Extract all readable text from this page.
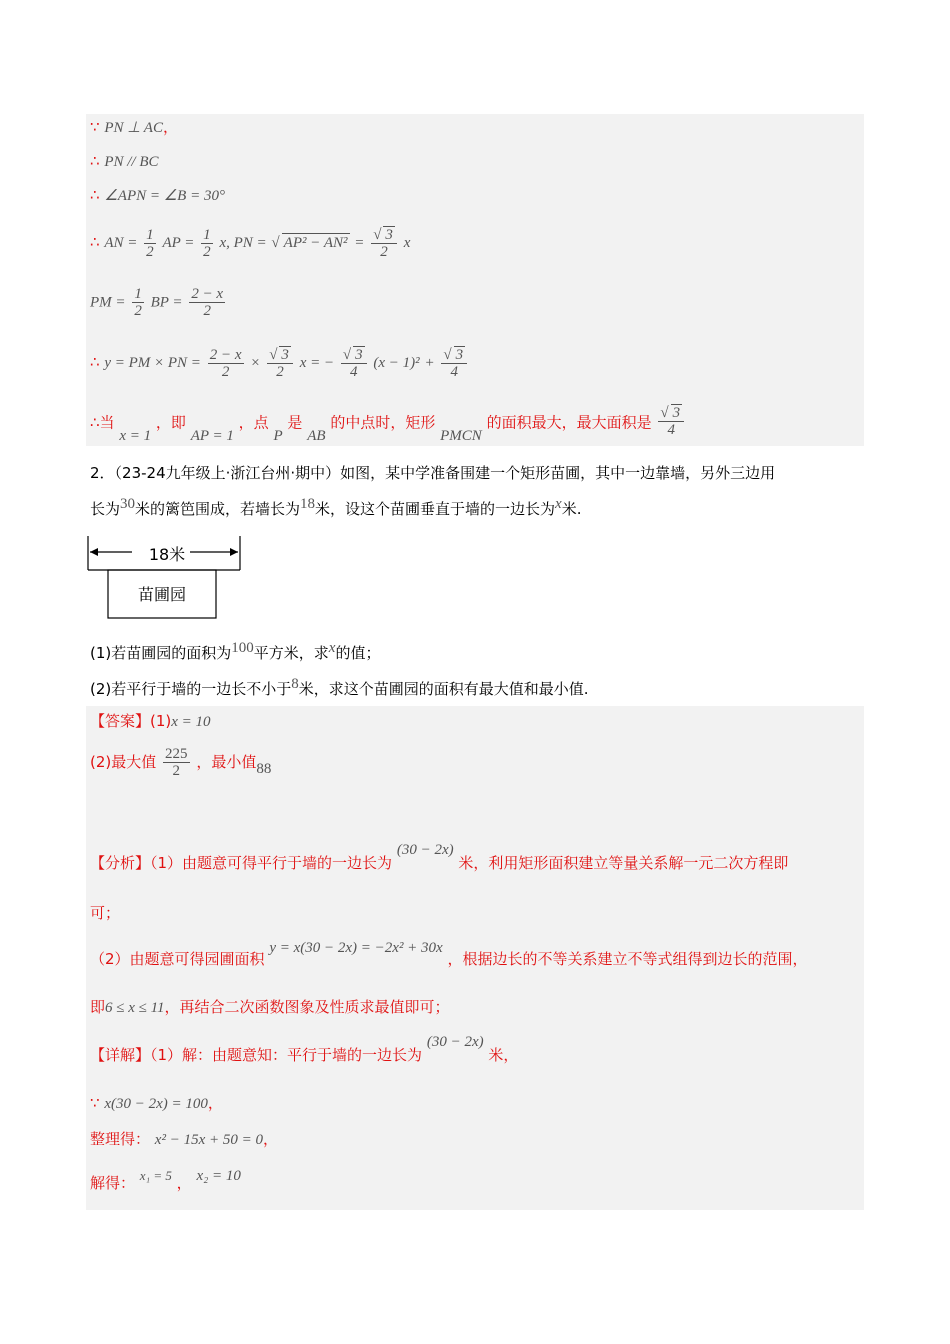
∵ PN ⊥ AC，
∴ PN // BC
∴ ∠APN = ∠B = 30°
∴ AN = $\frac{1}{2}$ AP = $\frac{1}{2} x$, PN = √ $AP^2 - AN^2 = \frac{√ 3}{2}$ x
PM = $\frac{1}{2}$ BP = $\frac{2 - x}{2}$
∴ y = PM × PN = $\frac{2 - x}{2} \times \frac{√ 3}{2}$ x = − $\frac{√ 3}{4} (x - 1)^2 + \frac{√ 3}{4}$
∴当 x = 1 ，即 AP = 1 ，点 P 是 AB 的中点时，矩形 PMCN 的面积最大，最大面积是 $\frac{√ 3}{4}$
2．（23-24九年级上·浙江台州·期中）如图，某中学准备围建一个矩形苗圃，其中一边靠墙，另外三边用
长为30米的篱笆围成，若墙长为18米，设这个苗圃垂直于墙的一边长为x米.
18米
苗圃园
(1)若苗圃园的面积为100平方米，求x的值；
(2)若平行于墙的一边长不小于8米，求这个苗圃园的面积有最大值和最小值.
【答案】(1)x = 10
(2)最大值 $\frac{225}{2}$ ，最小值88
【分析】（1）由题意可得平行于墙的一边长为 (30 − 2x) 米，利用矩形面积建立等量关系解一元二次方程即
可；
（2）由题意可得园圃面积 y = x(30 − 2x) = −2x² + 30x ，根据边长的不等关系建立不等式组得到边长的范围，
即6 ≤ x ≤ 11，再结合二次函数图象及性质求最值即可；
【详解】（1）解：由题意知：平行于墙的一边长为 (30 − 2x) 米，
∵ x(30 − 2x) = 100，
整理得： x² − 15x + 50 = 0，
解得： x₁ = 5 ， x₂ = 10
